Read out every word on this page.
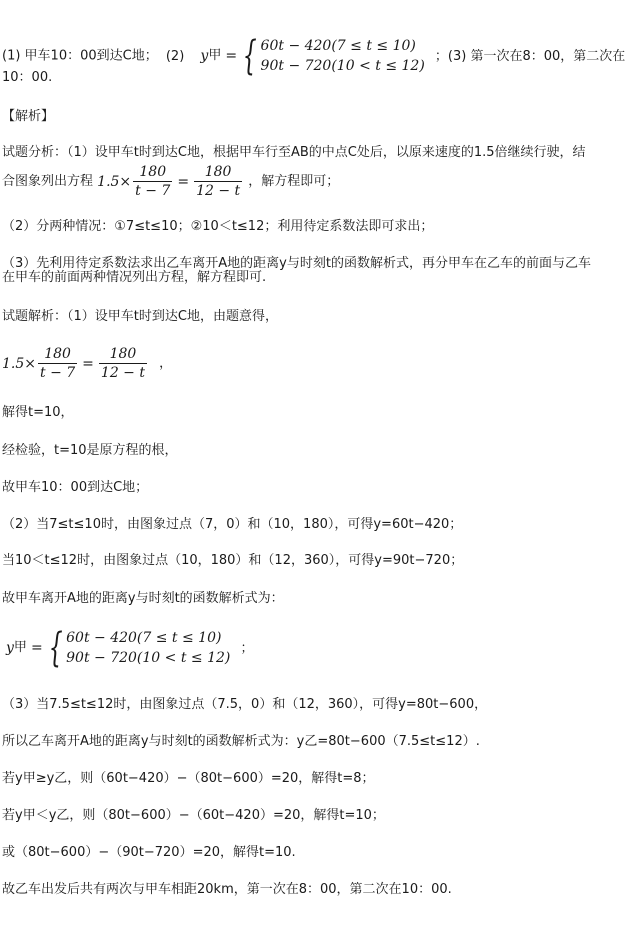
(1) 甲车10：00到达C地； (2) y 甲 = { 60t − 420(7 ≤ t ≤ 10)
90t − 720(10 < t ≤ 12)
；(3) 第一次在8：00，第二次在
10：00.
【解析】
试题分析：（1）设甲车t时到达C地，根据甲车行至AB的中点C处后，以原来速度的1.5倍继续行驶，结
合图象列出方程 $1.5\times \frac{180}{t - 7} = \frac{180}{12 - t}$ ，解方程即可；
（2）分两种情况：①7≤t≤10；②10＜t≤12；利用待定系数法即可求出；
（3）先利用待定系数法求出乙车离开A地的距离y与时刻t的函数解析式，再分甲车在乙车的前面与乙车
在甲车的前面两种情况列出方程，解方程即可.
试题解析：（1）设甲车t时到达C地，由题意得，
$1.5\times \frac{180}{t - 7} = \frac{180}{12 - t}$ ，
解得t=10，
经检验，t=10是原方程的根，
故甲车10：00到达C地；
（2）当7≤t≤10时，由图象过点（7，0）和（10，180），可得y=60t−420；
当10＜t≤12时，由图象过点（10，180）和（12，360），可得y=90t−720；
故甲车离开A地的距离y与时刻t的函数解析式为：
y 甲 = { 60t − 420(7 ≤ t ≤ 10)
90t − 720(10 < t ≤ 12)
；
（3）当7.5≤t≤12时，由图象过点（7.5，0）和（12，360），可得y=80t−600，
所以乙车离开A地的距离y与时刻t的函数解析式为：y乙=80t−600（7.5≤t≤12）.
若y甲≥y乙，则（60t−420）−（80t−600）=20，解得t=8；
若y甲＜y乙，则（80t−600）−（60t−420）=20，解得t=10；
或（80t−600）−（90t−720）=20，解得t=10.
故乙车出发后共有两次与甲车相距20km，第一次在8：00，第二次在10：00.
